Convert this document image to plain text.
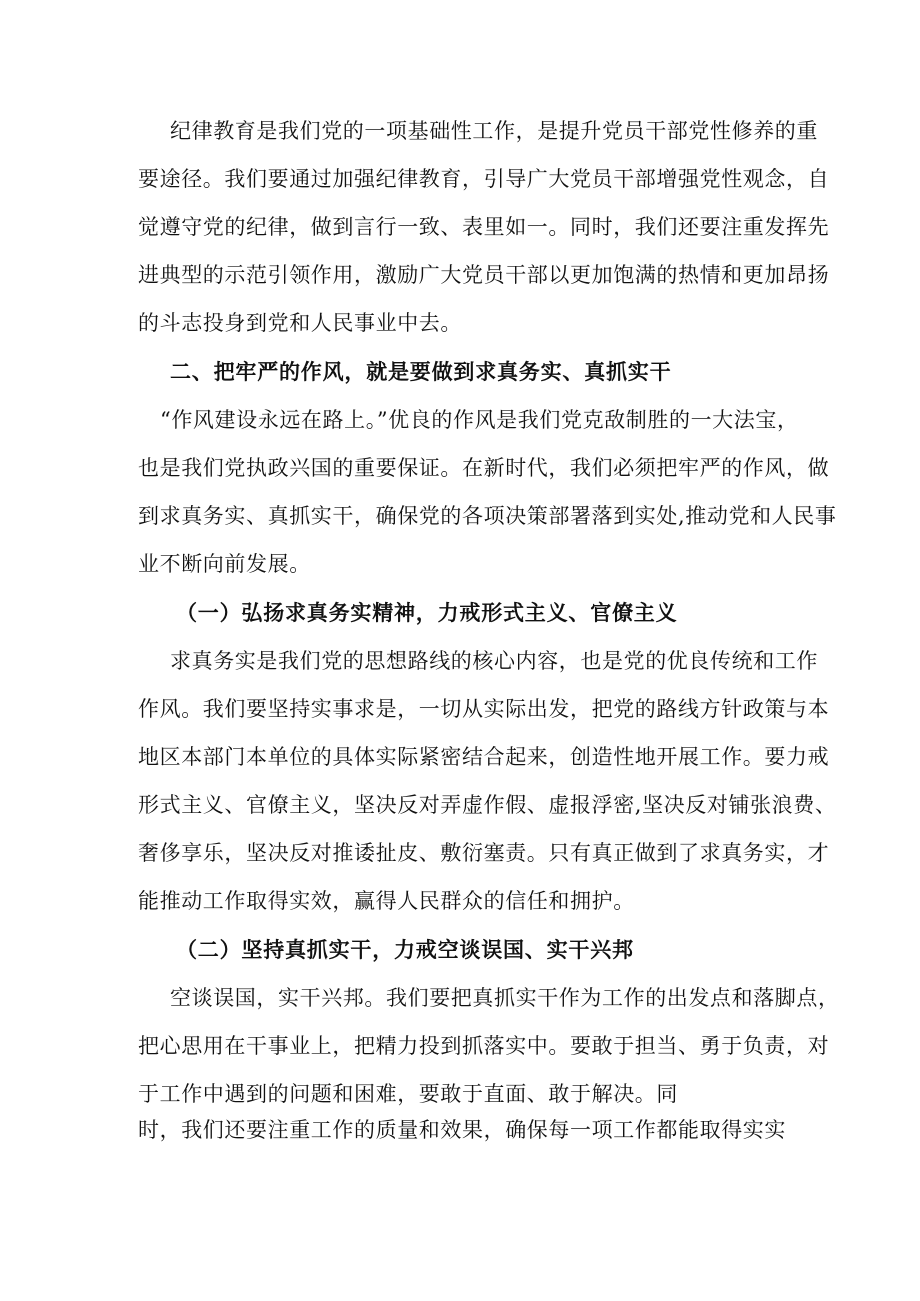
纪律教育是我们党的一项基础性工作，是提升党员干部党性修养的重
要途径。我们要通过加强纪律教育，引导广大党员干部增强党性观念，自
觉遵守党的纪律，做到言行一致、表里如一。同时，我们还要注重发挥先
进典型的示范引领作用，激励广大党员干部以更加饱满的热情和更加昂扬
的斗志投身到党和人民事业中去。
二、把牢严的作风，就是要做到求真务实、真抓实干
“作风建设永远在路上。”优良的作风是我们党克敌制胜的一大法宝，
也是我们党执政兴国的重要保证。在新时代，我们必须把牢严的作风，做
到求真务实、真抓实干，确保党的各项决策部署落到实处,推动党和人民事
业不断向前发展。
（一）弘扬求真务实精神，力戒形式主义、官僚主义
求真务实是我们党的思想路线的核心内容，也是党的优良传统和工作
作风。我们要坚持实事求是，一切从实际出发，把党的路线方针政策与本
地区本部门本单位的具体实际紧密结合起来，创造性地开展工作。要力戒
形式主义、官僚主义，坚决反对弄虚作假、虚报浮密,坚决反对铺张浪费、
奢侈享乐，坚决反对推诿扯皮、敷衍塞责。只有真正做到了求真务实，才
能推动工作取得实效，赢得人民群众的信任和拥护。
（二）坚持真抓实干，力戒空谈误国、实干兴邦
空谈误国，实干兴邦。我们要把真抓实干作为工作的出发点和落脚点，
把心思用在干事业上，把精力投到抓落实中。要敢于担当、勇于负责，对
于工作中遇到的问题和困难，要敢于直面、敢于解决。同
时，我们还要注重工作的质量和效果，确保每一项工作都能取得实实
